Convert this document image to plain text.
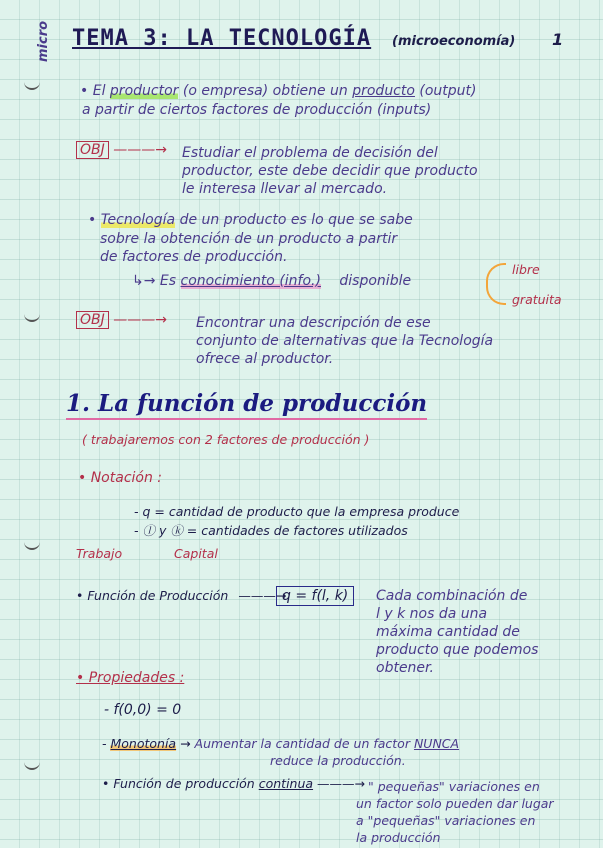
micro TEMA 3: LA TECNOLOGÍA (microeconomía) 1
• El productor (o empresa) obtiene un producto (output)
a partir de ciertos factores de producción (inputs)
OBJ ———→ Estudiar el problema de decisión del
productor, este debe decidir que producto
le interesa llevar al mercado.
• Tecnología de un producto es lo que se sabe
sobre la obtención de un producto a partir
de factores de producción.
↳→ Es conocimiento (info.) disponible
libre
gratuita
OBJ ———→ Encontrar una descripción de ese
conjunto de alternativas que la Tecnología
ofrece al productor.
1. La función de producción
( trabajaremos con 2 factores de producción )
• Notación :
- q = cantidad de producto que la empresa produce
- ⓛ y ⓚ = cantidades de factores utilizados
Trabajo	Capital
• Función de Producción ———→
q = f(l, k)	Cada combinación de
l y k nos da una
máxima cantidad de
producto que podemos
obtener.
• Propiedades :
- f(0,0) = 0
- Monotonía → Aumentar la cantidad de un factor NUNCA
reduce la producción.
• Función de producción continua ———→ " pequeñas" variaciones en
un factor solo pueden dar lugar
a "pequeñas" variaciones en
la producción
